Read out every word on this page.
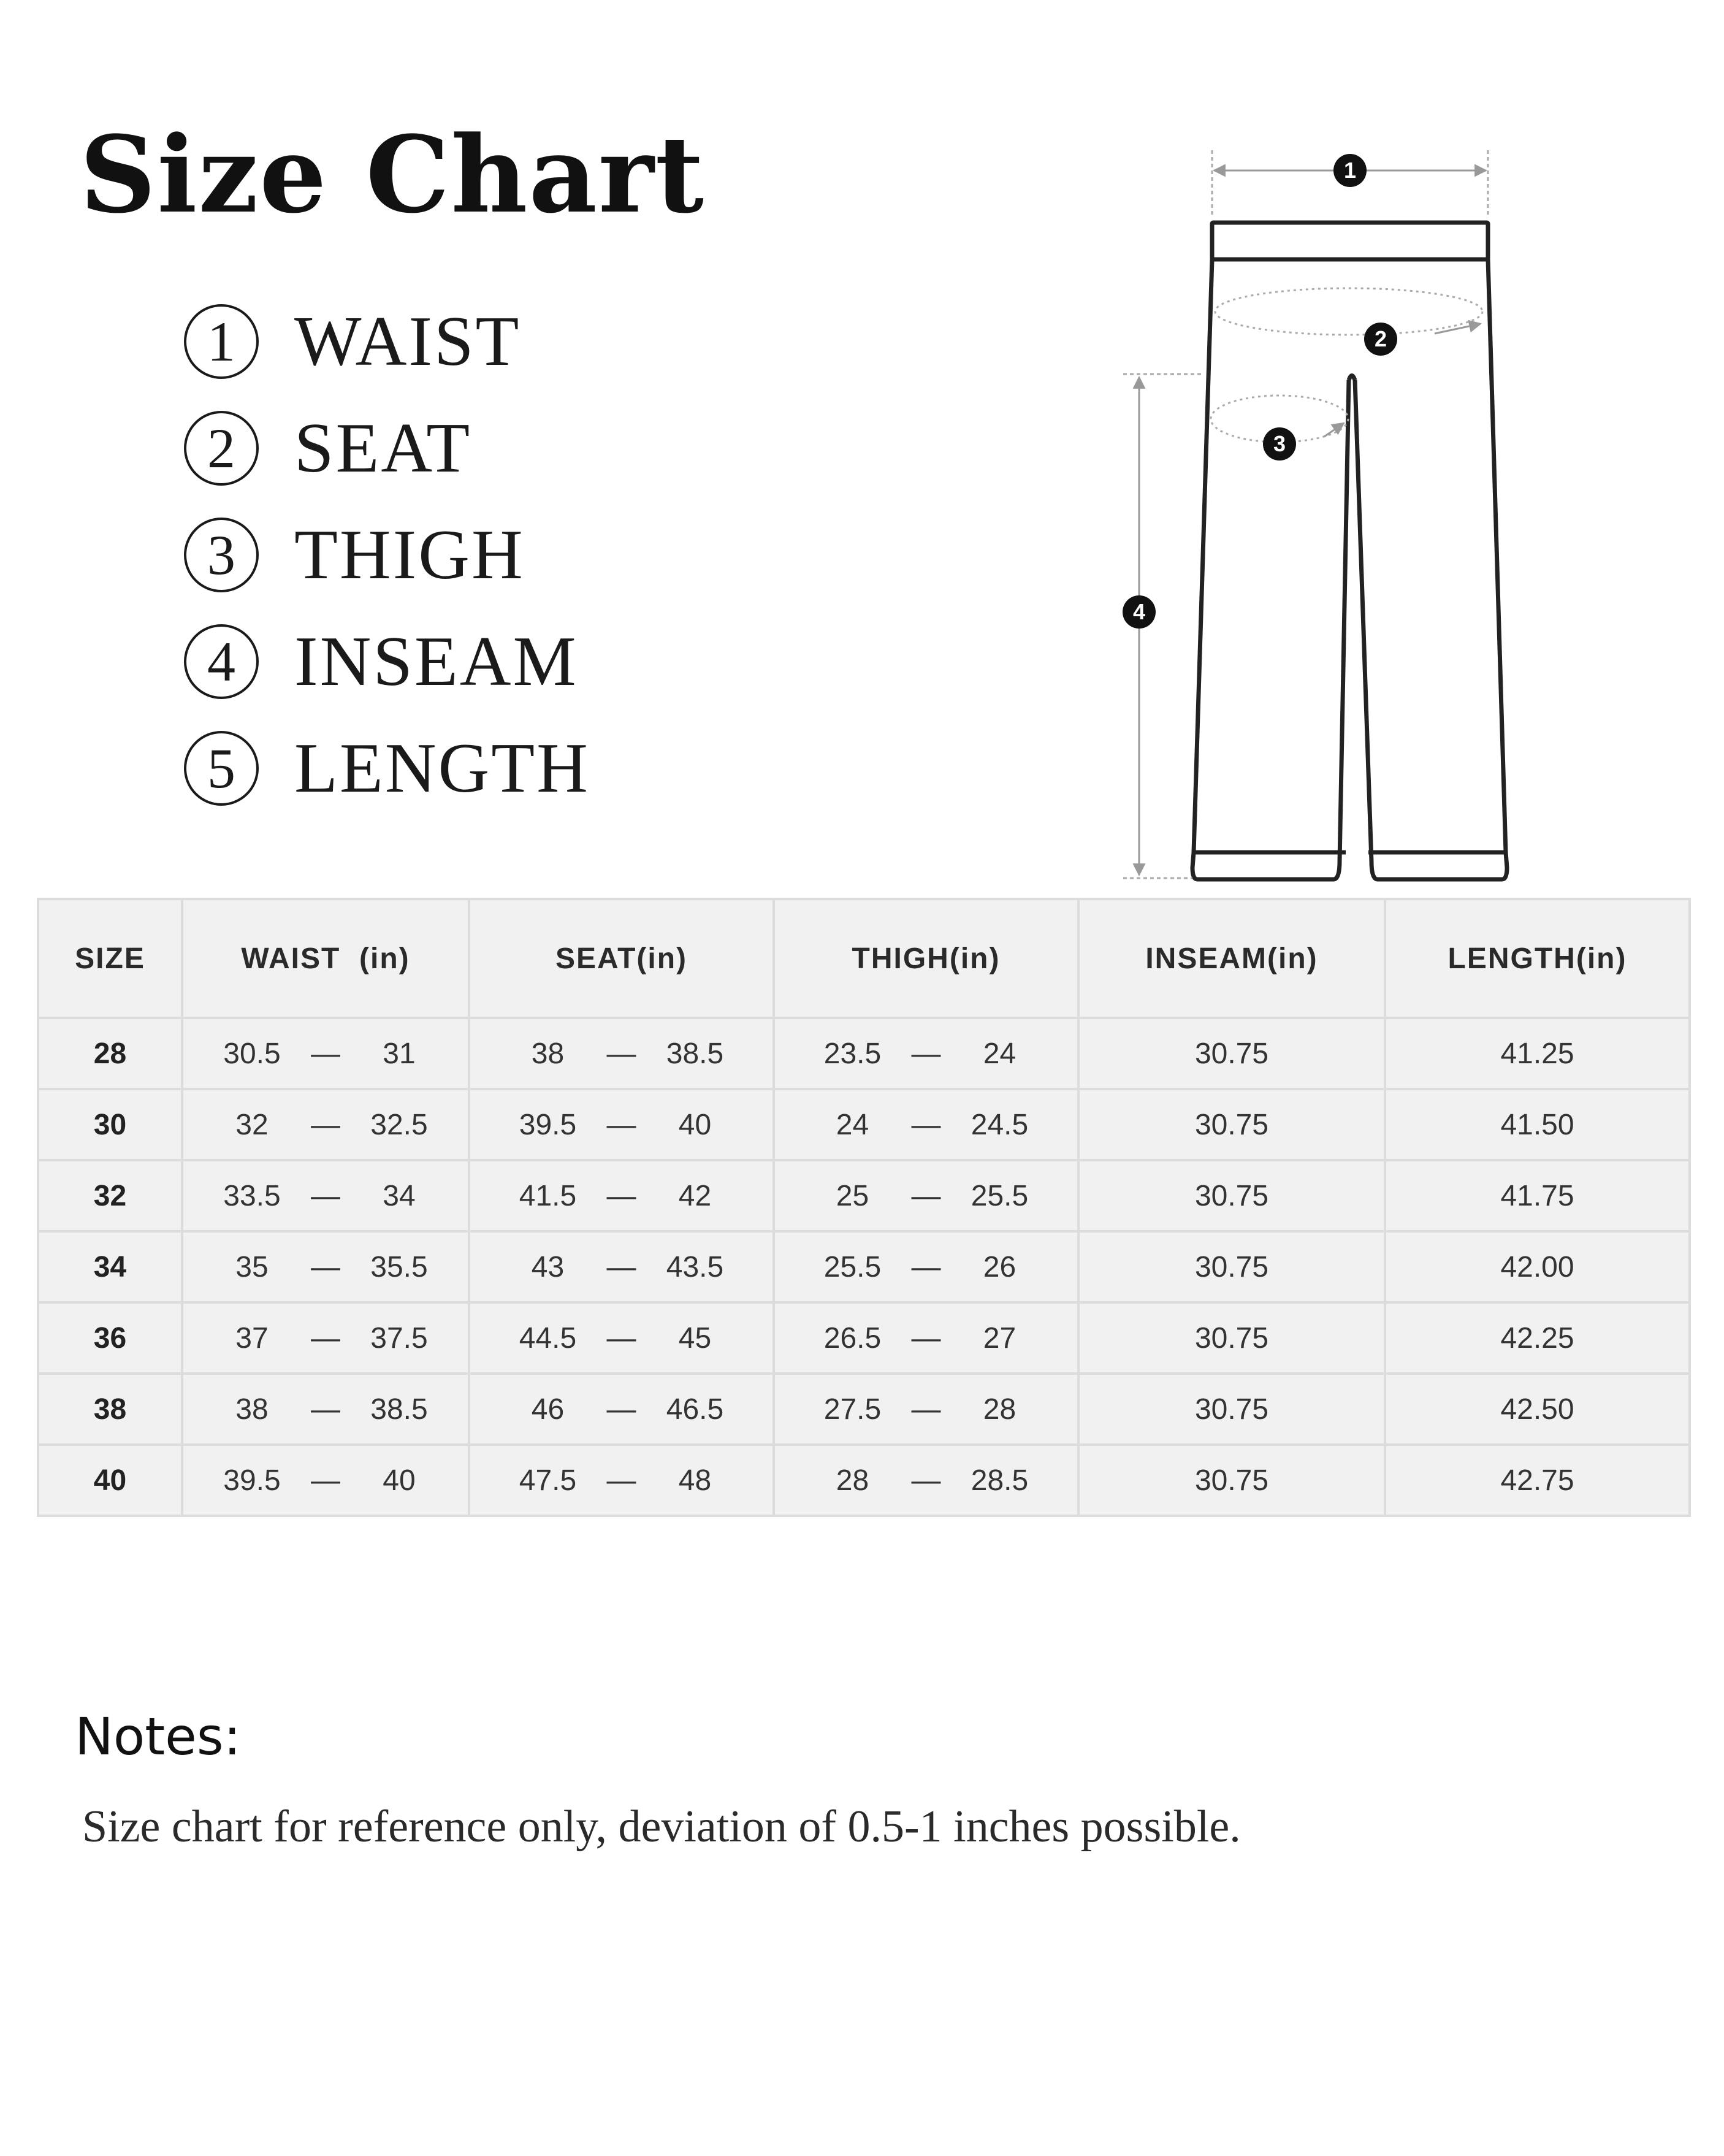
Size Chart
1 WAIST
2 SEAT
3 THIGH
4 INSEAM
5 LENGTH
1
2
3
4
SIZE	WAIST  (in)	SEAT(in)	THIGH(in)	INSEAM(in)	LENGTH(in)
28	30.5 — 31	38 — 38.5	23.5 — 24	30.75	41.25
30	32 — 32.5	39.5 — 40	24 — 24.5	30.75	41.50
32	33.5 — 34	41.5 — 42	25 — 25.5	30.75	41.75
34	35 — 35.5	43 — 43.5	25.5 — 26	30.75	42.00
36	37 — 37.5	44.5 — 45	26.5 — 27	30.75	42.25
38	38 — 38.5	46 — 46.5	27.5 — 28	30.75	42.50
40	39.5 — 40	47.5 — 48	28 — 28.5	30.75	42.75
Notes:

Size chart for reference only, deviation of 0.5-1 inches possible.
